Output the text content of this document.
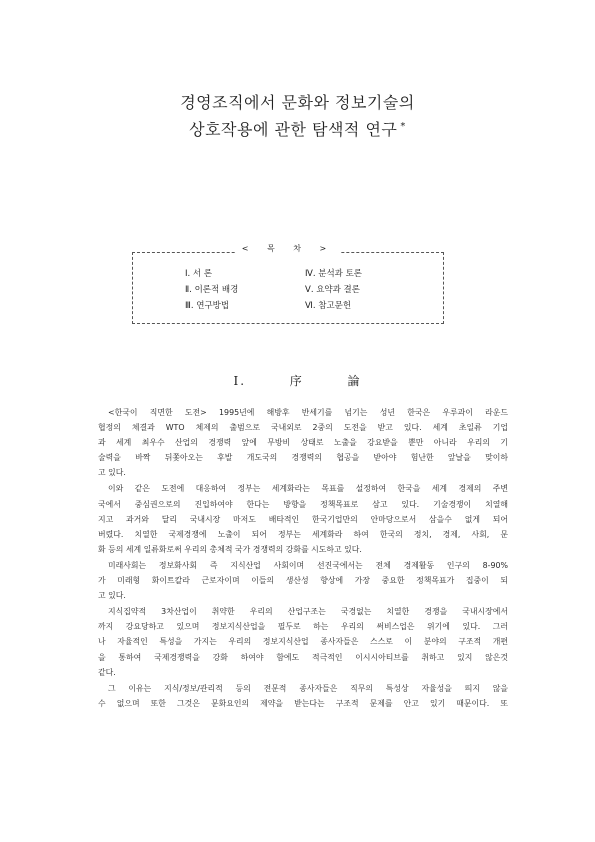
경영조직에서 문화와 정보기술의
상호작용에 관한 탐색적 연구 *
< 목 차 >
Ⅰ. 서 론
Ⅱ. 이론적 배경
Ⅲ. 연구방법
Ⅳ. 분석과 토론
Ⅴ. 요약과 결론
Ⅵ. 참고문헌
Ⅰ.	序	論
<한국이 직면한 도전> 1995년에 해방후 반세기를 넘기는 성년 한국은 우루과이 라운드
협정의 체결과 WTO 체제의 출범으로 국내외로 2중의 도전을 받고 있다. 세계 초일류 기업
과 세계 최우수 산업의 경쟁력 앞에 무방비 상태로 노출을 강요받을 뿐만 아니라 우리의 기
술력을 바짝 뒤쫓아오는 후발 개도국의 경쟁력의 협공을 받아야 험난한 앞날을 맞이하
고 있다.
이와 같은 도전에 대응하여 정부는 세계화라는 목표를 설정하여 한국을 세계 경제의 주변
국에서 중심권으로의 진입하여야 한다는 방향을 정책목표로 삼고 있다. 기술경쟁이 치열해
지고 과거와 달리 국내시장 마저도 배타적인 한국기업만의 안마당으로서 삼을수 없게 되어
버렸다. 치열한 국제경쟁에 노출이 되어 정부는 세계화라 하여 한국의 정치, 경제, 사회, 문
화 등의 세계 일류화로써 우리의 총체적 국가 경쟁력의 강화를 시도하고 있다.
미래사회는 정보화사회 즉 지식산업 사회이며 선진국에서는 전체 경제활동 인구의 8-90%
가 미래형 화이트칼라 근로자이며 이들의 생산성 향상에 가장 중요한 정책목표가 집중이 되
고 있다.
지식집약적 3차산업이 취약한 우리의 산업구조는 국경없는 치열한 경쟁을 국내시장에서
까지 강요당하고 있으며 정보지식산업을 필두로 하는 우리의 써비스업은 위기에 있다. 그러
나 자율적인 특성을 가지는 우리의 정보지식산업 종사자들은 스스로 이 분야의 구조적 개편
을 통하여 국제경쟁력을 강화 하여야 함에도 적극적인 이시시아티브를 취하고 있지 않은것
같다.
그 이유는 지식/정보/관리적 등의 전문적 종사자들은 직무의 특성상 자율성을 띄지 않을
수 없으며 또한 그것은 문화요인의 제약을 받는다는 구조적 문제를 안고 있기 때문이다. 또
